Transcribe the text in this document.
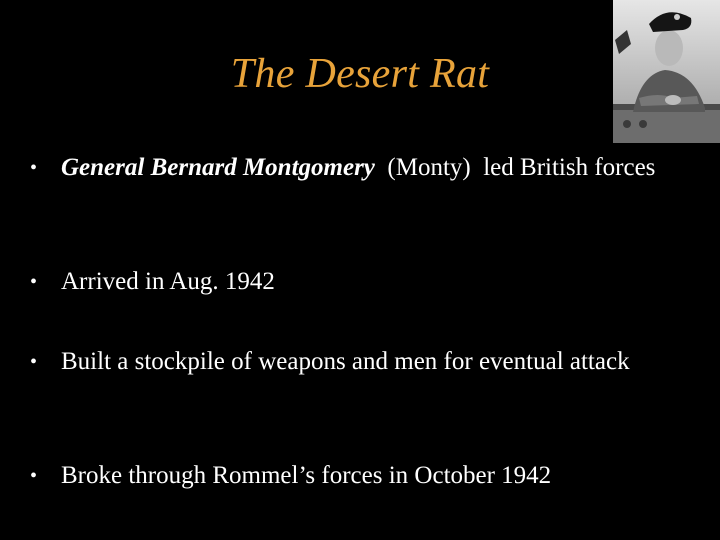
The Desert Rat
• General Bernard Montgomery  (Monty)  led British forces
• Arrived in Aug. 1942
• Built a stockpile of weapons and men for eventual attack
• Broke through Rommel’s forces in October 1942
